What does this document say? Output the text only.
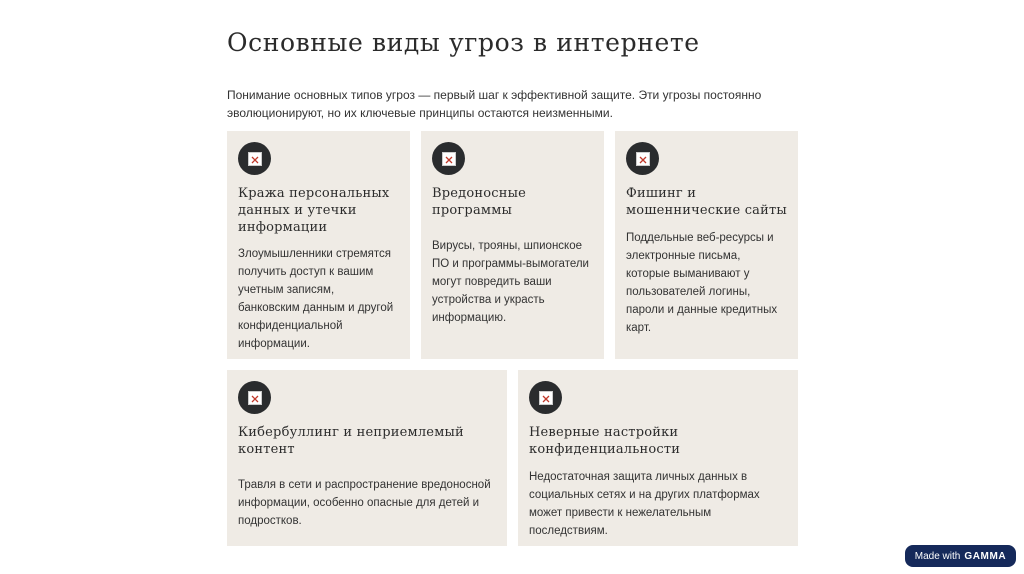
Основные виды угроз в интернете
Понимание основных типов угроз — первый шаг к эффективной защите. Эти угрозы постоянно эволюционируют, но их ключевые принципы остаются неизменными.
Кража персональных данных и утечки информации
Злоумышленники стремятся получить доступ к вашим учетным записям, банковским данным и другой конфиденциальной информации.
Вредоносные программы
Вирусы, трояны, шпионское ПО и программы-вымогатели могут повредить ваши устройства и украсть информацию.
Фишинг и мошеннические сайты
Поддельные веб-ресурсы и электронные письма, которые выманивают у пользователей логины, пароли и данные кредитных карт.
Кибербуллинг и неприемлемый контент
Травля в сети и распространение вредоносной информации, особенно опасные для детей и подростков.
Неверные настройки конфиденциальности
Недостаточная защита личных данных в социальных сетях и на других платформах может привести к нежелательным последствиям.
Made with GAMMA
